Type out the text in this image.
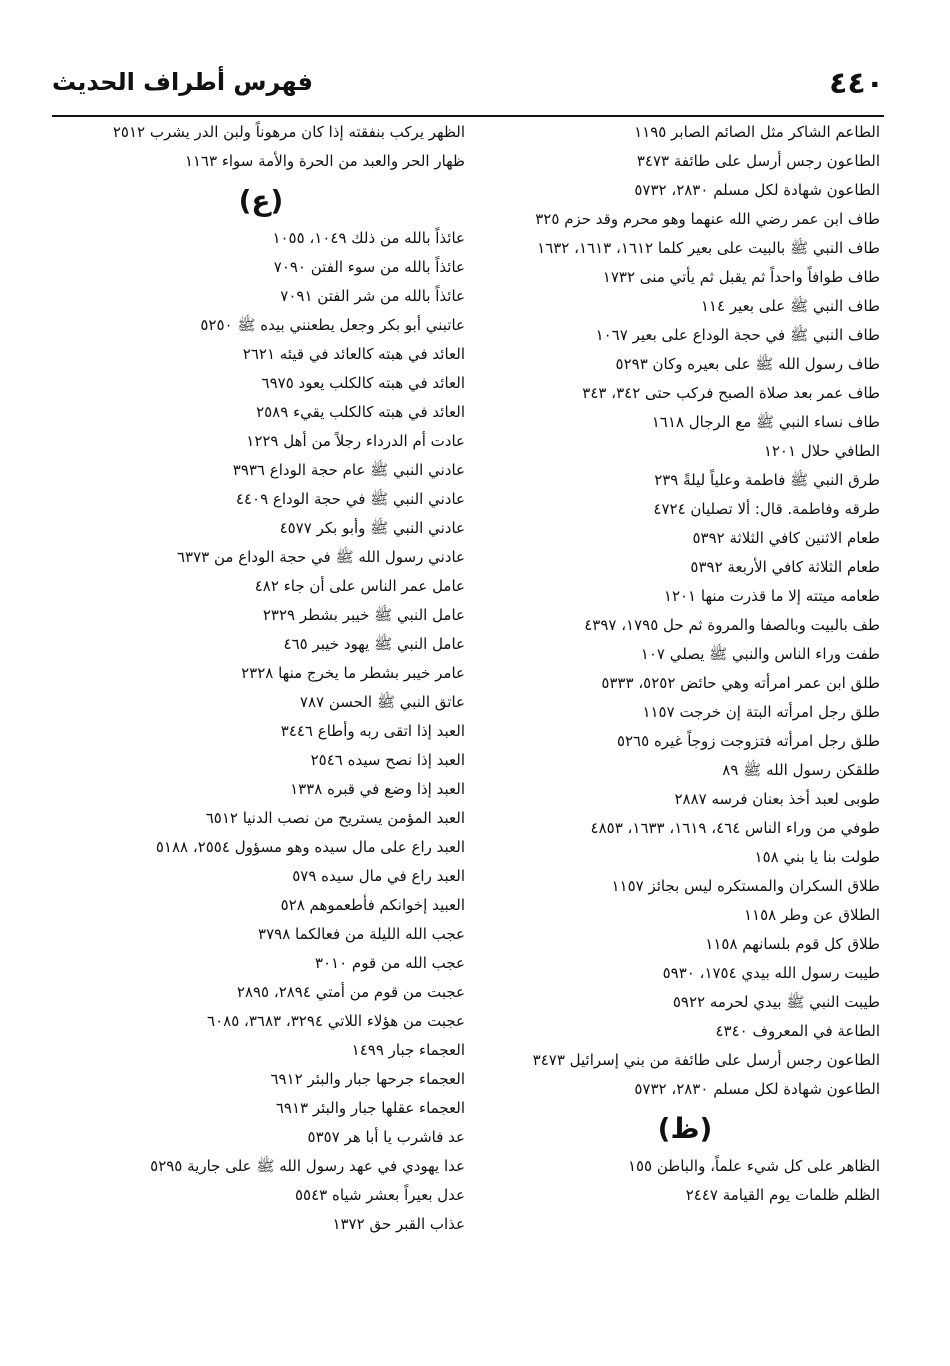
٤٤٠
فهرس أطراف الحديث
الطاعم الشاكر مثل الصائم الصابر ١١٩٥
الطاعون رجس أرسل على طائفة ٣٤٧٣
الطاعون شهادة لكل مسلم ٢٨٣٠، ٥٧٣٢
طاف ابن عمر رضي الله عنهما وهو محرم وقد حزم ٣٢٥
طاف النبي ﷺ بالبيت على بعير كلما ١٦١٢، ١٦١٣، ١٦٣٢
طاف طوافاً واحداً ثم يقبل ثم يأتي منى ١٧٣٢
طاف النبي ﷺ على بعير ١١٤
طاف النبي ﷺ في حجة الوداع على بعير ١٠٦٧
طاف رسول الله ﷺ على بعيره وكان ٥٢٩٣
طاف عمر بعد صلاة الصبح فركب حتى ٣٤٢، ٣٤٣
طاف نساء النبي ﷺ مع الرجال ١٦١٨
الطافي حلال ١٢٠١
طرق النبي ﷺ فاطمة وعلياً ليلةً ٢٣٩
طرقه وفاطمة. قال: ألا تصليان ٤٧٢٤
طعام الاثنين كافي الثلاثة ٥٣٩٢
طعام الثلاثة كافي الأربعة ٥٣٩٢
طعامه ميتته إلا ما قذرت منها ١٢٠١
طف بالبيت وبالصفا والمروة ثم حل ١٧٩٥، ٤٣٩٧
طفت وراء الناس والنبي ﷺ يصلي ١٠٧
طلق ابن عمر امرأته وهي حائض ٥٢٥٢، ٥٣٣٣
طلق رجل امرأته البتة إن خرجت ١١٥٧
طلق رجل امرأته فتزوجت زوجاً غيره ٥٢٦٥
طلقكن رسول الله ﷺ ٨٩
طوبى لعبد أخذ بعنان فرسه ٢٨٨٧
طوفي من وراء الناس ٤٦٤، ١٦١٩، ١٦٣٣، ٤٨٥٣
طولت بنا يا بني ١٥٨
طلاق السكران والمستكره ليس بجائز ١١٥٧
الطلاق عن وطر ١١٥٨
طلاق كل قوم بلسانهم ١١٥٨
طيبت رسول الله بيدي ١٧٥٤، ٥٩٣٠
طيبت النبي ﷺ بيدي لحرمه ٥٩٢٢
الطاعة في المعروف ٤٣٤٠
الطاعون رجس أرسل على طائفة من بني إسرائيل ٣٤٧٣
الطاعون شهادة لكل مسلم ٢٨٣٠، ٥٧٣٢
(ظ)
الظاهر على كل شيء علماً، والباطن ١٥٥
الظلم ظلمات يوم القيامة ٢٤٤٧
الظهر يركب بنفقته إذا كان مرهوناً ولبن الدر يشرب ٢٥١٢
ظهار الحر والعبد من الحرة والأمة سواء ١١٦٣
(ع)
عائذاً بالله من ذلك ١٠٤٩، ١٠٥٥
عائذاً بالله من سوء الفتن ٧٠٩٠
عائذاً بالله من شر الفتن ٧٠٩١
عاتبني أبو بكر وجعل يطعنني بيده ﷺ ٥٢٥٠
العائد في هبته كالعائد في قيئه ٢٦٢١
العائد في هبته كالكلب يعود ٦٩٧٥
العائد في هبته كالكلب يقيء ٢٥٨٩
عادت أم الدرداء رجلاً من أهل ١٢٢٩
عادني النبي ﷺ عام حجة الوداع ٣٩٣٦
عادني النبي ﷺ في حجة الوداع ٤٤٠٩
عادني النبي ﷺ وأبو بكر ٤٥٧٧
عادني رسول الله ﷺ في حجة الوداع من ٦٣٧٣
عامل عمر الناس على أن جاء ٤٨٢
عامل النبي ﷺ خيبر بشطر ٢٣٢٩
عامل النبي ﷺ يهود خيبر ٤٦٥
عامر خيبر بشطر ما يخرج منها ٢٣٢٨
عاتق النبي ﷺ الحسن ٧٨٧
العبد إذا اتقى ربه وأطاع ٣٤٤٦
العبد إذا نصح سيده ٢٥٤٦
العبد إذا وضع في قبره ١٣٣٨
العبد المؤمن يستريح من نصب الدنيا ٦٥١٢
العبد راع على مال سيده وهو مسؤول ٢٥٥٤، ٥١٨٨
العبد راع في مال سيده ٥٧٩
العبيد إخوانكم فأطعموهم ٥٢٨
عجب الله الليلة من فعالكما ٣٧٩٨
عجب الله من قوم ٣٠١٠
عجبت من قوم من أمتي ٢٨٩٤، ٢٨٩٥
عجبت من هؤلاء اللاتي ٣٢٩٤، ٣٦٨٣، ٦٠٨٥
العجماء جبار ١٤٩٩
العجماء جرحها جبار والبئر ٦٩١٢
العجماء عقلها جبار والبئر ٦٩١٣
عد فاشرب يا أبا هر ٥٣٥٧
عدا يهودي في عهد رسول الله ﷺ على جارية ٥٢٩٥
عدل بعيراً بعشر شياه ٥٥٤٣
عذاب القبر حق ١٣٧٢
